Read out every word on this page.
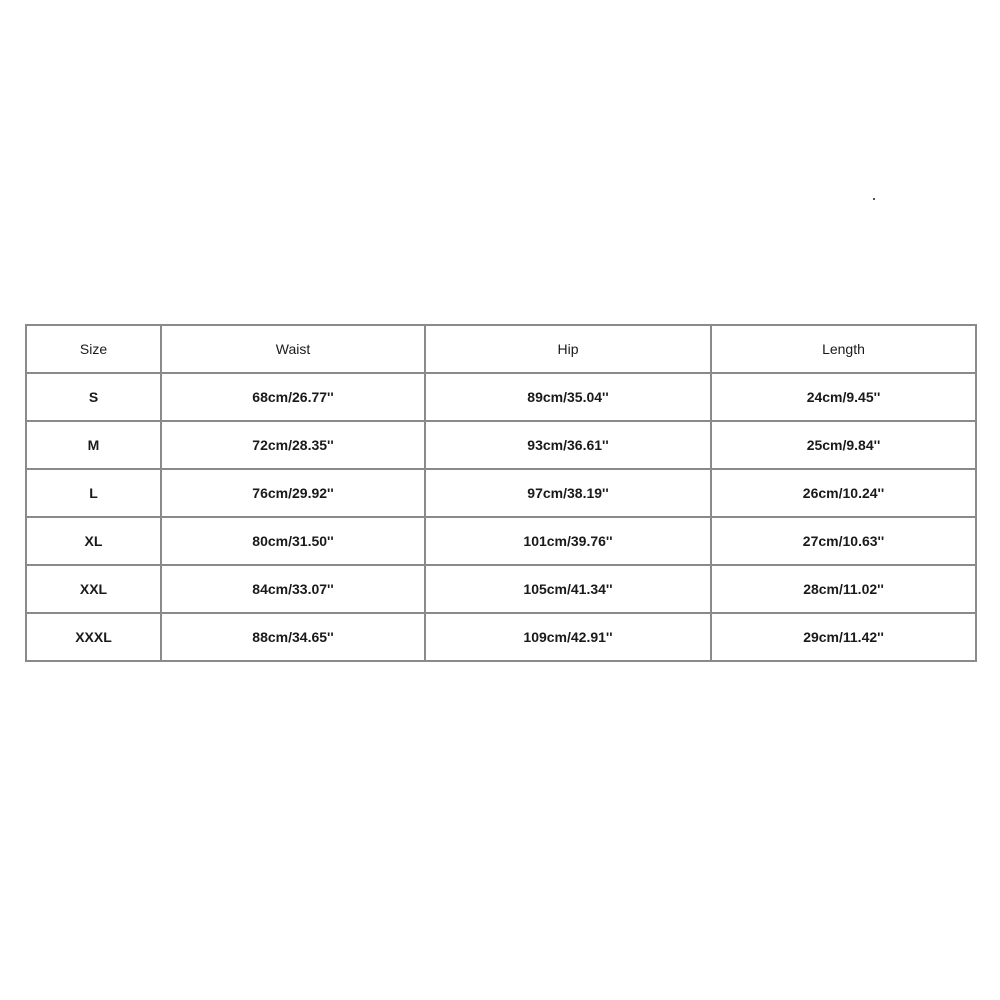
Size	Waist	Hip	Length
S	68cm/26.77''	89cm/35.04''	24cm/9.45''
M	72cm/28.35''	93cm/36.61''	25cm/9.84''
L	76cm/29.92''	97cm/38.19''	26cm/10.24''
XL	80cm/31.50''	101cm/39.76''	27cm/10.63''
XXL	84cm/33.07''	105cm/41.34''	28cm/11.02''
XXXL	88cm/34.65''	109cm/42.91''	29cm/11.42''
